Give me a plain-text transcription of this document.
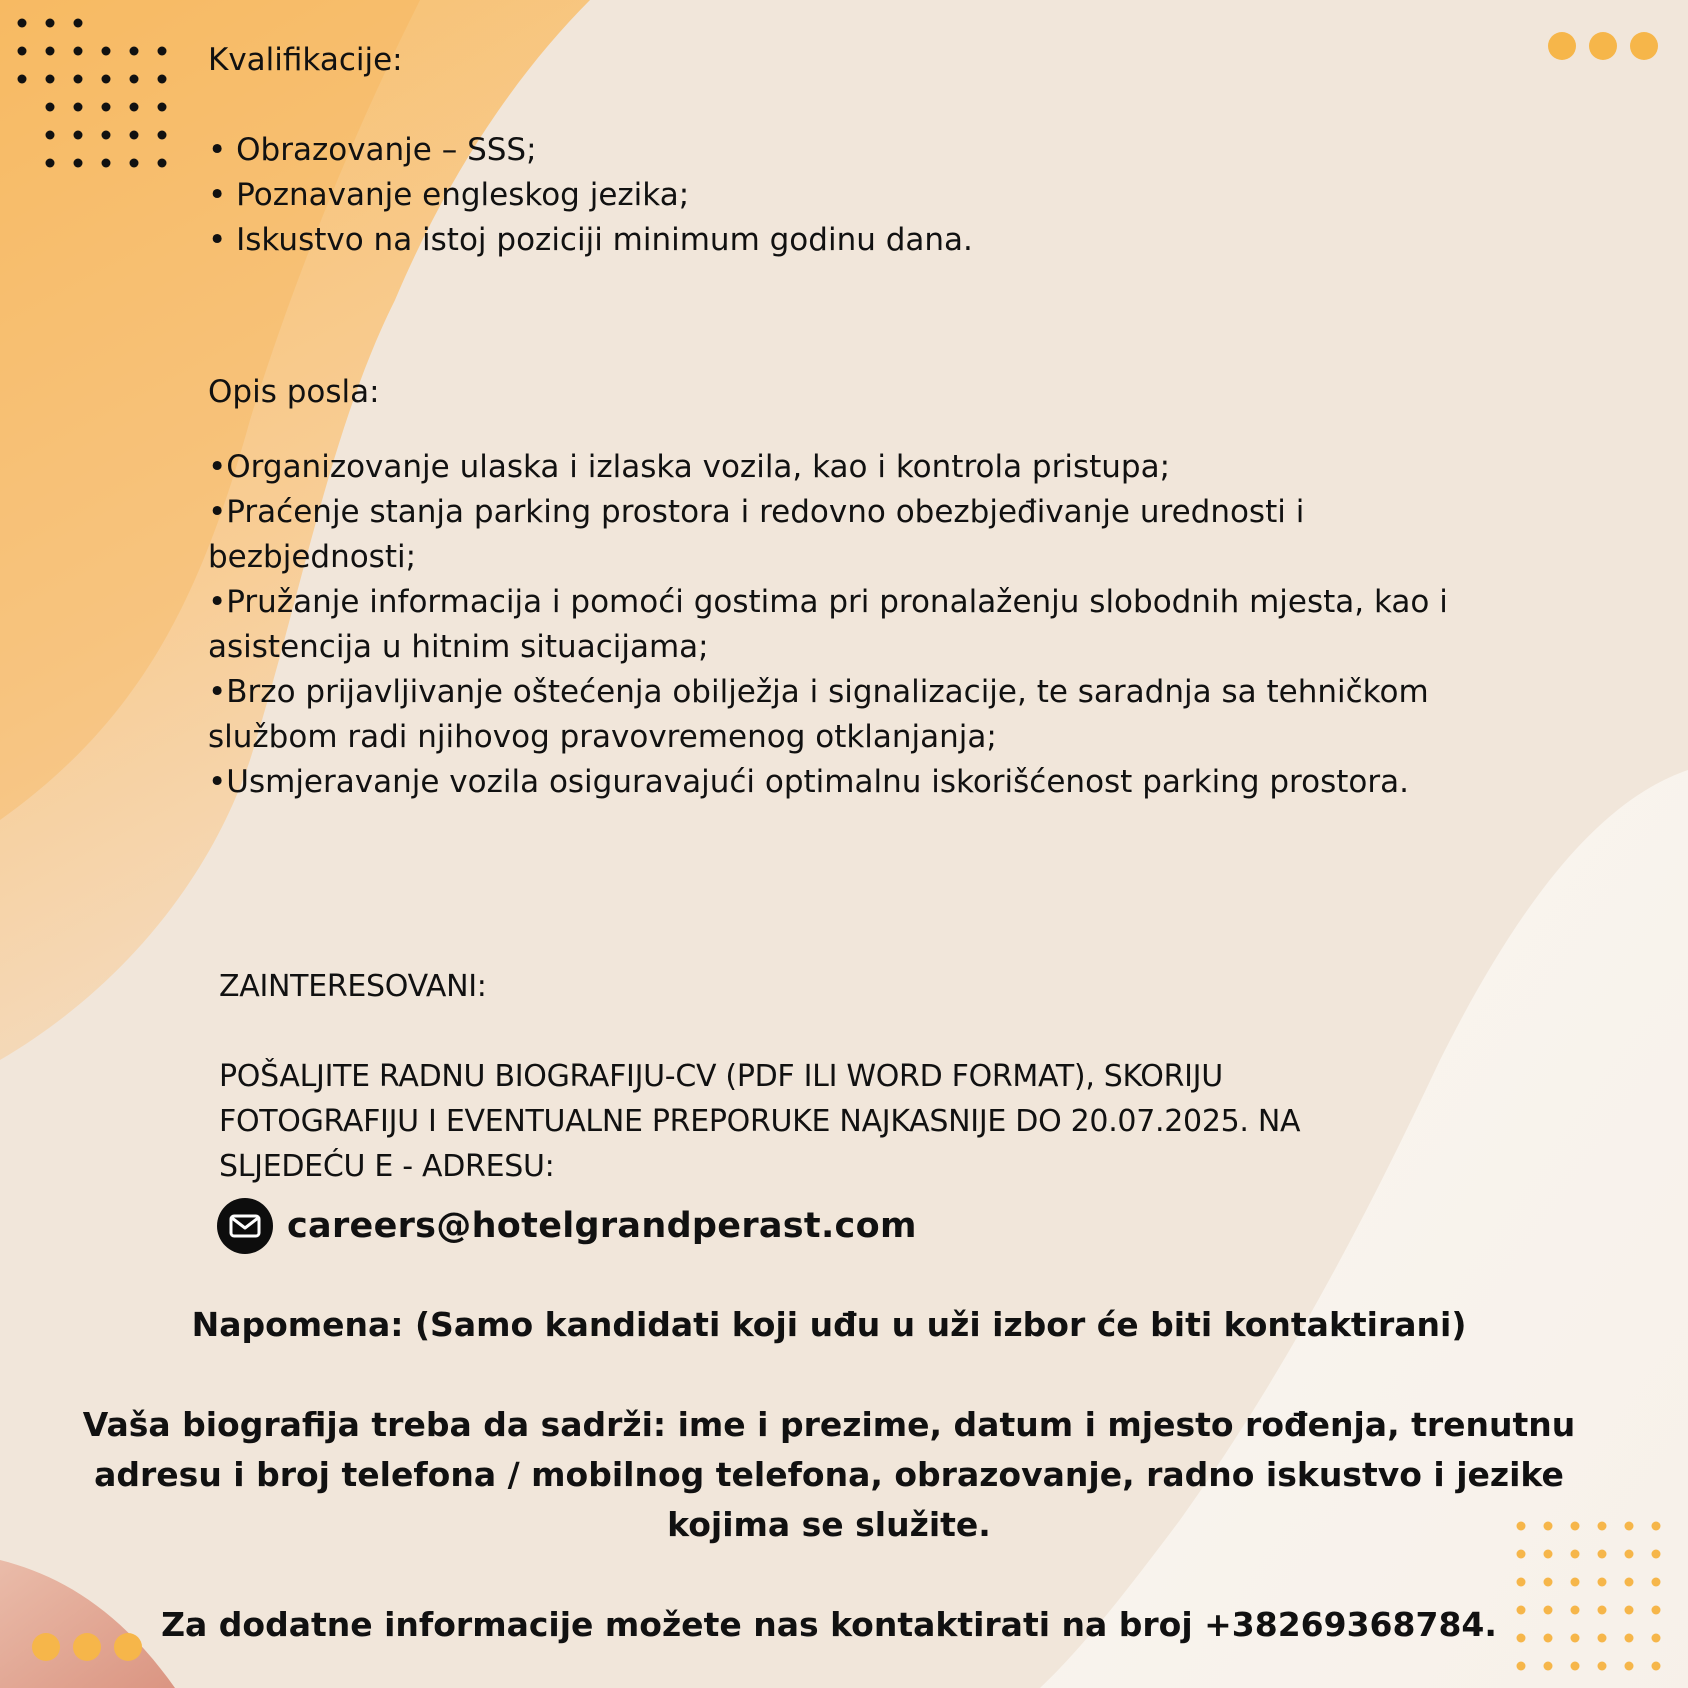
Kvalifikacije:

• Obrazovanje – SSS;
• Poznavanje engleskog jezika;
• Iskustvo na istoj poziciji minimum godinu dana.

Opis posla:

•Organizovanje ulaska i izlaska vozila, kao i kontrola pristupa;
•Praćenje stanja parking prostora i redovno obezbjeđivanje urednosti i bezbjednosti;
•Pružanje informacija i pomoći gostima pri pronalaženju slobodnih mjesta, kao i asistencija u hitnim situacijama;
•Brzo prijavljivanje oštećenja obilježja i signalizacije, te saradnja sa tehničkom službom radi njihovog pravovremenog otklanjanja;
•Usmjeravanje vozila osiguravajući optimalnu iskorišćenost parking prostora.

ZAINTERESOVANI:

POŠALJITE RADNU BIOGRAFIJU-CV (PDF ILI WORD FORMAT), SKORIJU FOTOGRAFIJU I EVENTUALNE PREPORUKE NAJKASNIJE DO 20.07.2025. NA SLJEDEĆU E - ADRESU:

careers@hotelgrandperast.com

Napomena: (Samo kandidati koji uđu u uži izbor će biti kontaktirani)

Vaša biografija treba da sadrži: ime i prezime, datum i mjesto rođenja, trenutnu adresu i broj telefona / mobilnog telefona, obrazovanje, radno iskustvo i jezike kojima se služite.

Za dodatne informacije možete nas kontaktirati na broj +38269368784.
